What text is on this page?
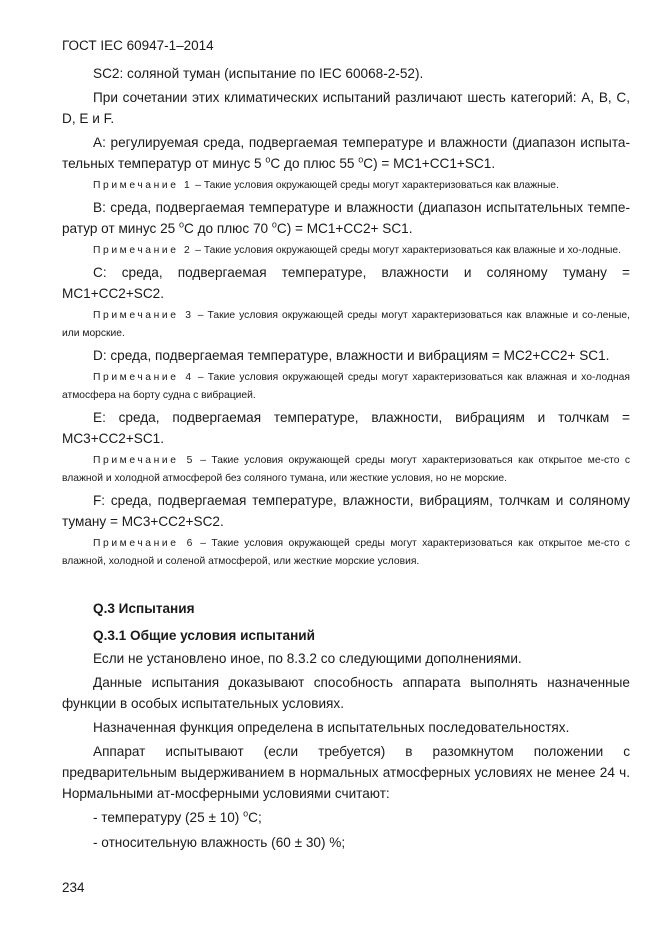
ГОСТ IEC 60947-1–2014

SC2: соляной туман (испытание по IEC 60068-2-52).

При сочетании этих климатических испытаний различают шесть категорий: A, B, C, D, E и F.

А: регулируемая среда, подвергаемая температуре и влажности (диапазон испыта-тельных температур от минус 5 $^o$С до плюс 55 $^o$С) = MC1+CC1+SC1.

Примечание 1 – Такие условия окружающей среды могут характеризоваться как влажные.

В: среда, подвергаемая температуре и влажности (диапазон испытательных темпе-ратур от минус 25 $^o$С до плюс 70 $^o$С) = MC1+CC2+ SC1.

Примечание 2 – Такие условия окружающей среды могут характеризоваться как влажные и хо-лодные.

С: среда, подвергаемая температуре, влажности и соляному туману = MC1+CC2+SC2.

Примечание 3 – Такие условия окружающей среды могут характеризоваться как влажные и со-леные, или морские.

D: среда, подвергаемая температуре, влажности и вибрациям = MC2+CC2+ SC1.

Примечание 4 – Такие условия окружающей среды могут характеризоваться как влажная и хо-лодная атмосфера на борту судна с вибрацией.

Е: среда, подвергаемая температуре, влажности, вибрациям и толчкам = MC3+CC2+SC1.

Примечание 5 – Такие условия окружающей среды могут характеризоваться как открытое ме-сто с влажной и холодной атмосферой без соляного тумана, или жесткие условия, но не морские.

F: среда, подвергаемая температуре, влажности, вибрациям, толчкам и соляному туману = MC3+CC2+SC2.

Примечание 6 – Такие условия окружающей среды могут характеризоваться как открытое ме-сто с влажной, холодной и соленой атмосферой, или жесткие морские условия.

Q.3 Испытания
Q.3.1 Общие условия испытаний

Если не установлено иное, по 8.3.2 со следующими дополнениями.

Данные испытания доказывают способность аппарата выполнять назначенные функции в особых испытательных условиях.

Назначенная функция определена в испытательных последовательностях.

Аппарат испытывают (если требуется) в разомкнутом положении с предварительным выдерживанием в нормальных атмосферных условиях не менее 24 ч. Нормальными ат-мосферными условиями считают:

- температуру (25 ± 10) $^o$С;
- относительную влажность (60 ± 30) %;
234
